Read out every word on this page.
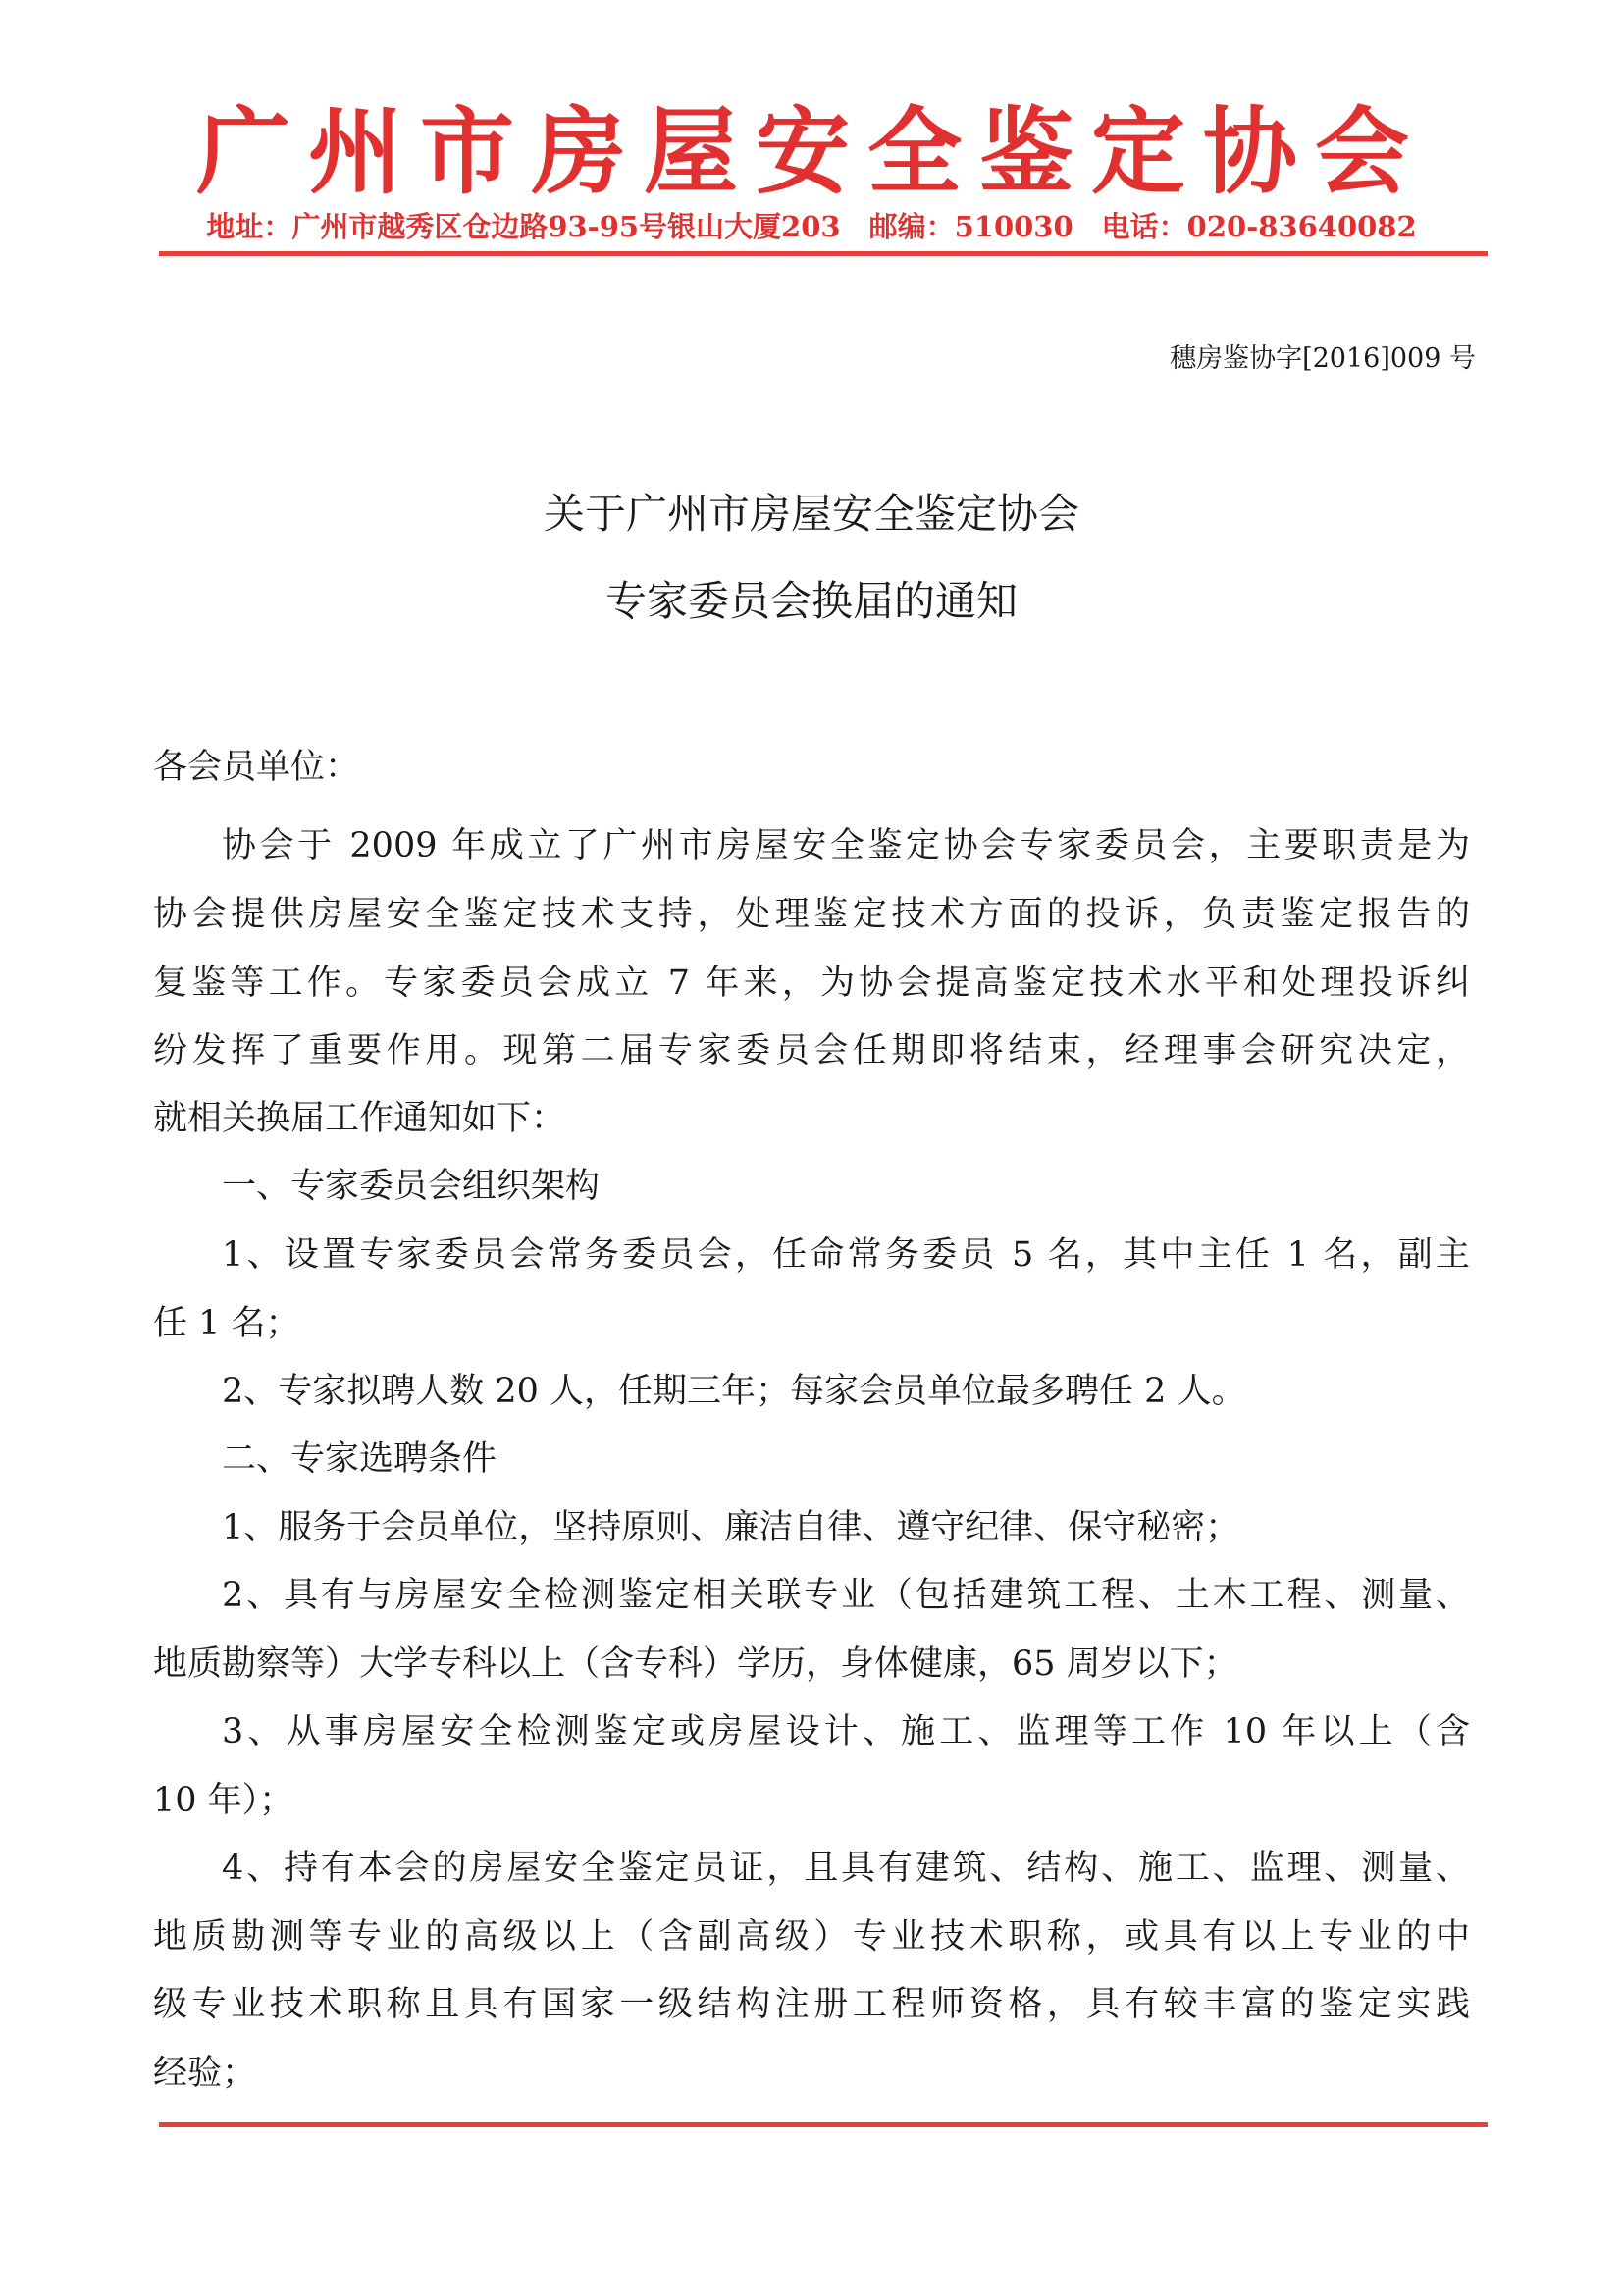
广州市房屋安全鉴定协会
地址：广州市越秀区仓边路93-95号银山大厦203　邮编：510030　电话：020-83640082
穗房鉴协字[2016]009 号
关于广州市房屋安全鉴定协会
专家委员会换届的通知
各会员单位：
协会于 2009 年成立了广州市房屋安全鉴定协会专家委员会，主要职责是为
协会提供房屋安全鉴定技术支持，处理鉴定技术方面的投诉，负责鉴定报告的
复鉴等工作。专家委员会成立 7 年来，为协会提高鉴定技术水平和处理投诉纠
纷发挥了重要作用。现第二届专家委员会任期即将结束，经理事会研究决定，
就相关换届工作通知如下：
一、专家委员会组织架构
1、设置专家委员会常务委员会，任命常务委员 5 名，其中主任 1 名，副主
任 1 名；
2、专家拟聘人数 20 人，任期三年；每家会员单位最多聘任 2 人。
二、专家选聘条件
1、服务于会员单位，坚持原则、廉洁自律、遵守纪律、保守秘密；
2、具有与房屋安全检测鉴定相关联专业（包括建筑工程、土木工程、测量、
地质勘察等）大学专科以上（含专科）学历，身体健康，65 周岁以下；
3、从事房屋安全检测鉴定或房屋设计、施工、监理等工作 10 年以上（含
10 年）；
4、持有本会的房屋安全鉴定员证，且具有建筑、结构、施工、监理、测量、
地质勘测等专业的高级以上（含副高级）专业技术职称，或具有以上专业的中
级专业技术职称且具有国家一级结构注册工程师资格，具有较丰富的鉴定实践
经验；
